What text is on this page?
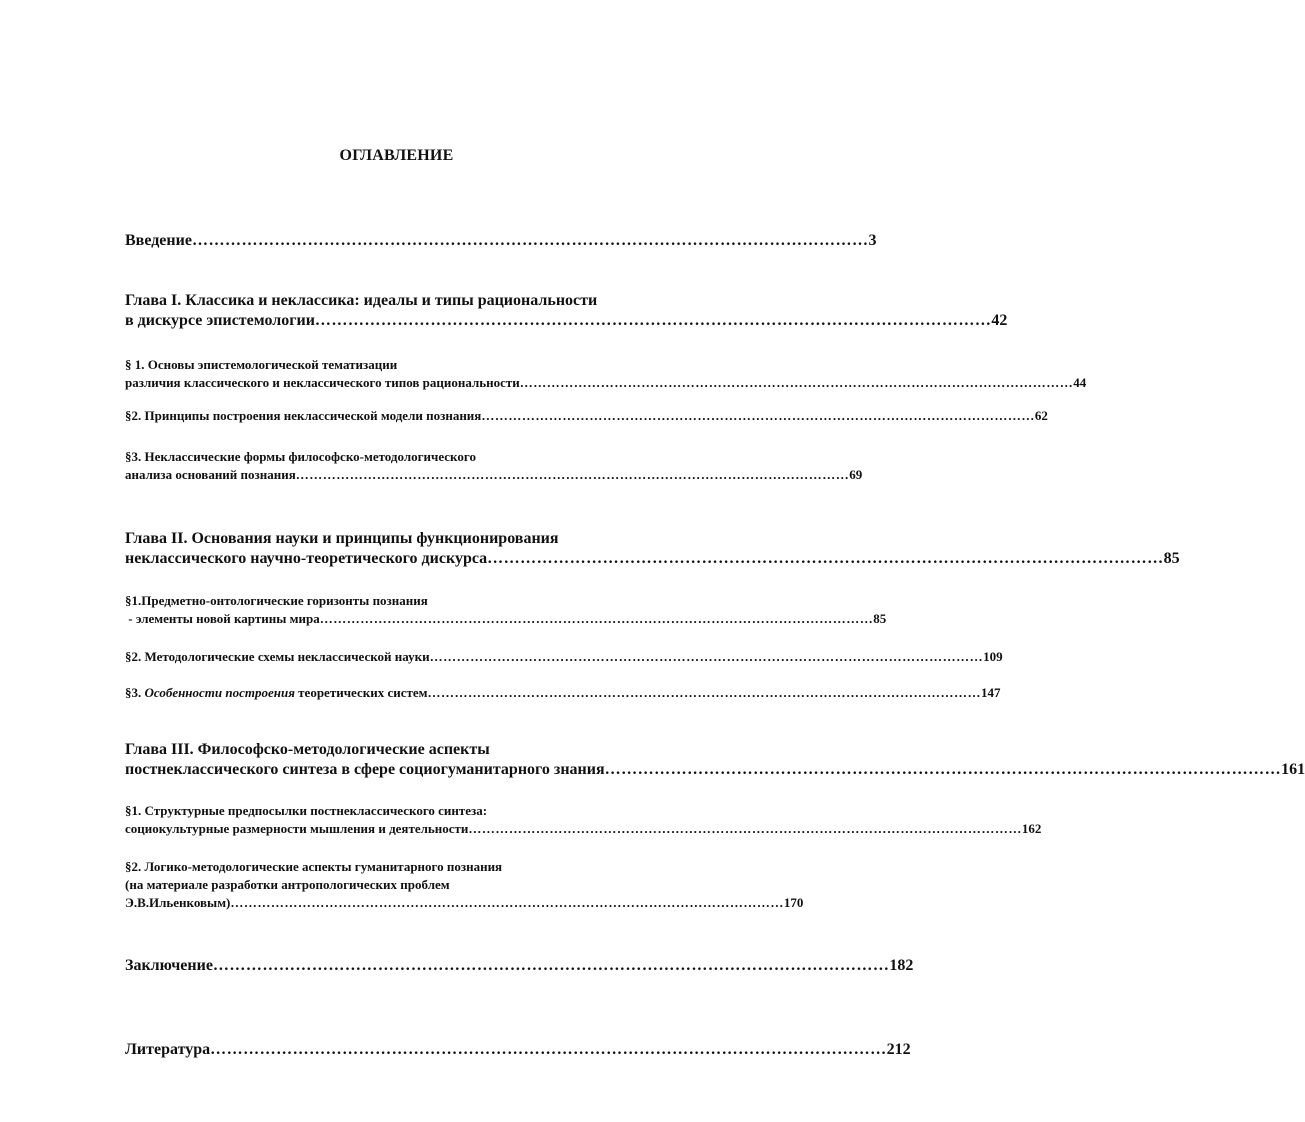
ОГЛАВЛЕНИЕ
Введение …………………………………………………………………………………………………………… 3
Глава I. Классика и неклассика: идеалы и типы рациональности
в дискурсе эпистемологии …………………………………………………………………………………………………………… 42
§ 1. Основы эпистемологической тематизации
различия классического и неклассического типов рациональности …………………………………………………………………………………………………………… 44
§2. Принципы построения неклассической модели познания …………………………………………………………………………………………………………… 62
§3. Неклассические формы философско-методологического
анализа оснований познания …………………………………………………………………………………………………………… 69
Глава II. Основания науки и принципы функционирования
неклассического научно-теоретического дискурса …………………………………………………………………………………………………………… 85
§1.Предметно-онтологические горизонты познания
- элементы новой картины мира …………………………………………………………………………………………………………… 85
§2. Методологические схемы неклассической науки …………………………………………………………………………………………………………… 109
§3. Особенности построения теоретических систем …………………………………………………………………………………………………………… 147
Глава III. Философско-методологические аспекты
постнеклассического синтеза в сфере социогуманитарного знания …………………………………………………………………………………………………………… 161
§1. Структурные предпосылки постнеклассического синтеза:
социокультурные размерности мышления и деятельности …………………………………………………………………………………………………………… 162
§2. Логико-методологические аспекты гуманитарного познания
(на материале разработки антропологических проблем
Э.В.Ильенковым) …………………………………………………………………………………………………………… 170
Заключение …………………………………………………………………………………………………………… 182
Литература …………………………………………………………………………………………………………… 212
